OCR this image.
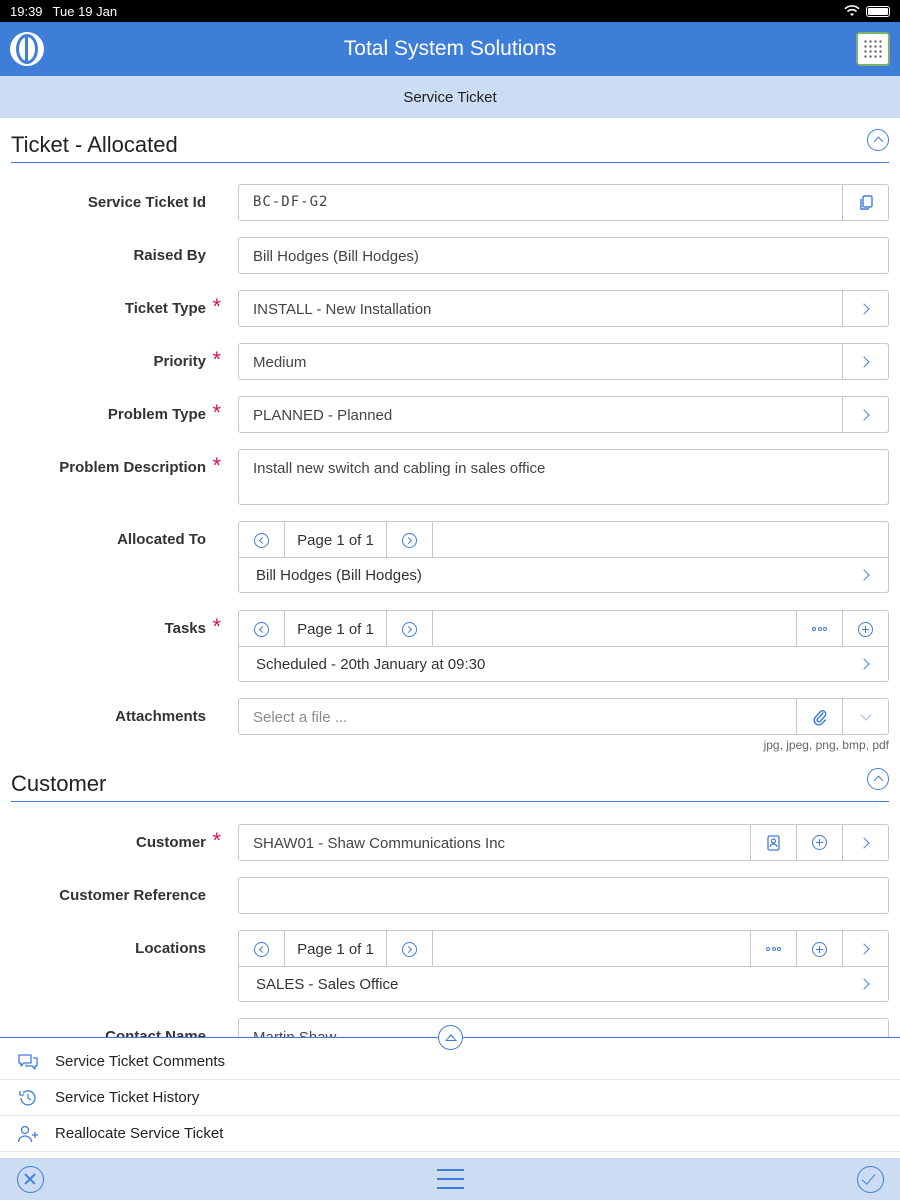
19:39 Tue 19 Jan
Total System Solutions
Service Ticket
Ticket - Allocated
Service Ticket Id	BC-DF-G2
Raised By	Bill Hodges (Bill Hodges)
Ticket Type * INSTALL - New Installation
Priority * Medium
Problem Type * PLANNED - Planned
Problem Description * Install new switch and cabling in sales office
Allocated To	Page 1 of 1
Bill Hodges (Bill Hodges)
Tasks *	Page 1 of 1
Scheduled - 20th January at 09:30
Attachments	Select a file ...
jpg, jpeg, png, bmp, pdf
Customer
Customer * SHAW01 - Shaw Communications Inc
Customer Reference
Locations	Page 1 of 1
SALES - Sales Office
Service Ticket Comments
Service Ticket History
Reallocate Service Ticket
